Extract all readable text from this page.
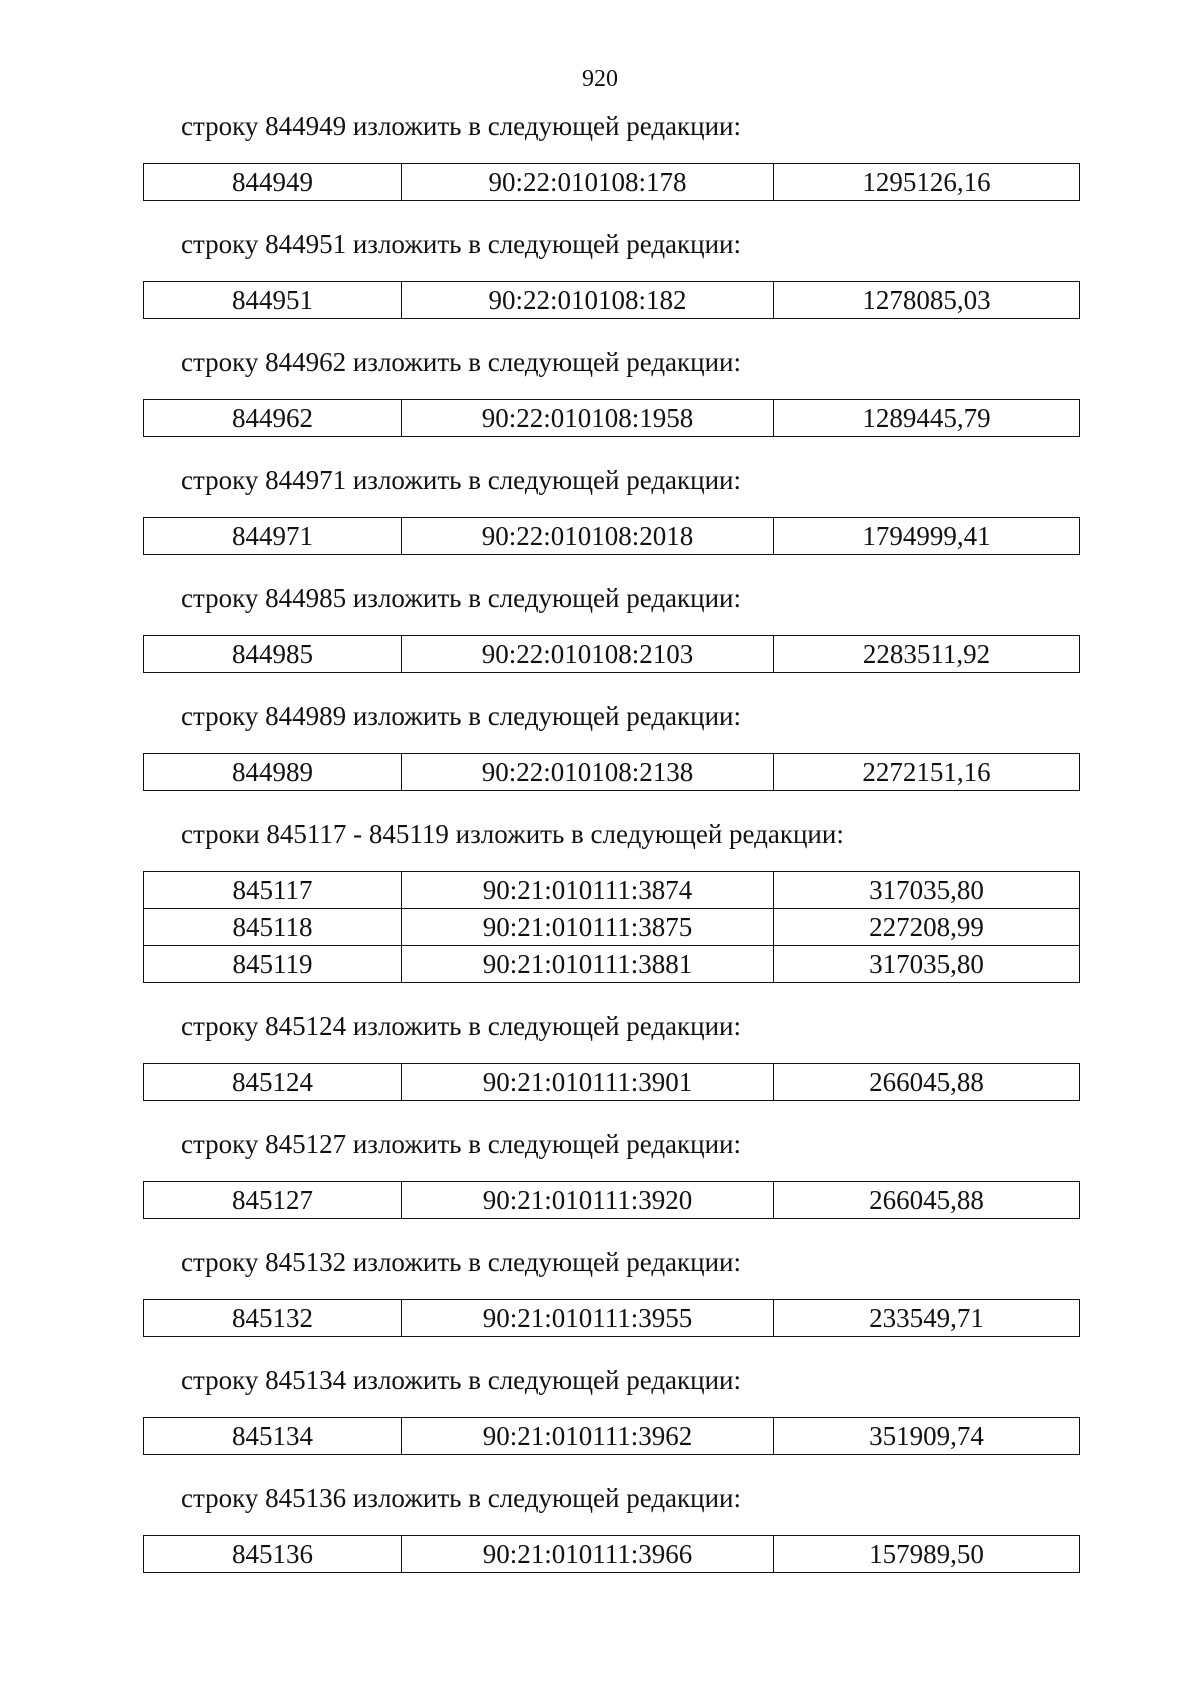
920
строку 844949 изложить в следующей редакции:
844949	90:22:010108:178	1295126,16
строку 844951 изложить в следующей редакции:
844951	90:22:010108:182	1278085,03
строку 844962 изложить в следующей редакции:
844962	90:22:010108:1958	1289445,79
строку 844971 изложить в следующей редакции:
844971	90:22:010108:2018	1794999,41
строку 844985 изложить в следующей редакции:
844985	90:22:010108:2103	2283511,92
строку 844989 изложить в следующей редакции:
844989	90:22:010108:2138	2272151,16
строки 845117 - 845119 изложить в следующей редакции:
845117	90:21:010111:3874	317035,80
845118	90:21:010111:3875	227208,99
845119	90:21:010111:3881	317035,80
строку 845124 изложить в следующей редакции:
845124	90:21:010111:3901	266045,88
строку 845127 изложить в следующей редакции:
845127	90:21:010111:3920	266045,88
строку 845132 изложить в следующей редакции:
845132	90:21:010111:3955	233549,71
строку 845134 изложить в следующей редакции:
845134	90:21:010111:3962	351909,74
строку 845136 изложить в следующей редакции:
845136	90:21:010111:3966	157989,50
